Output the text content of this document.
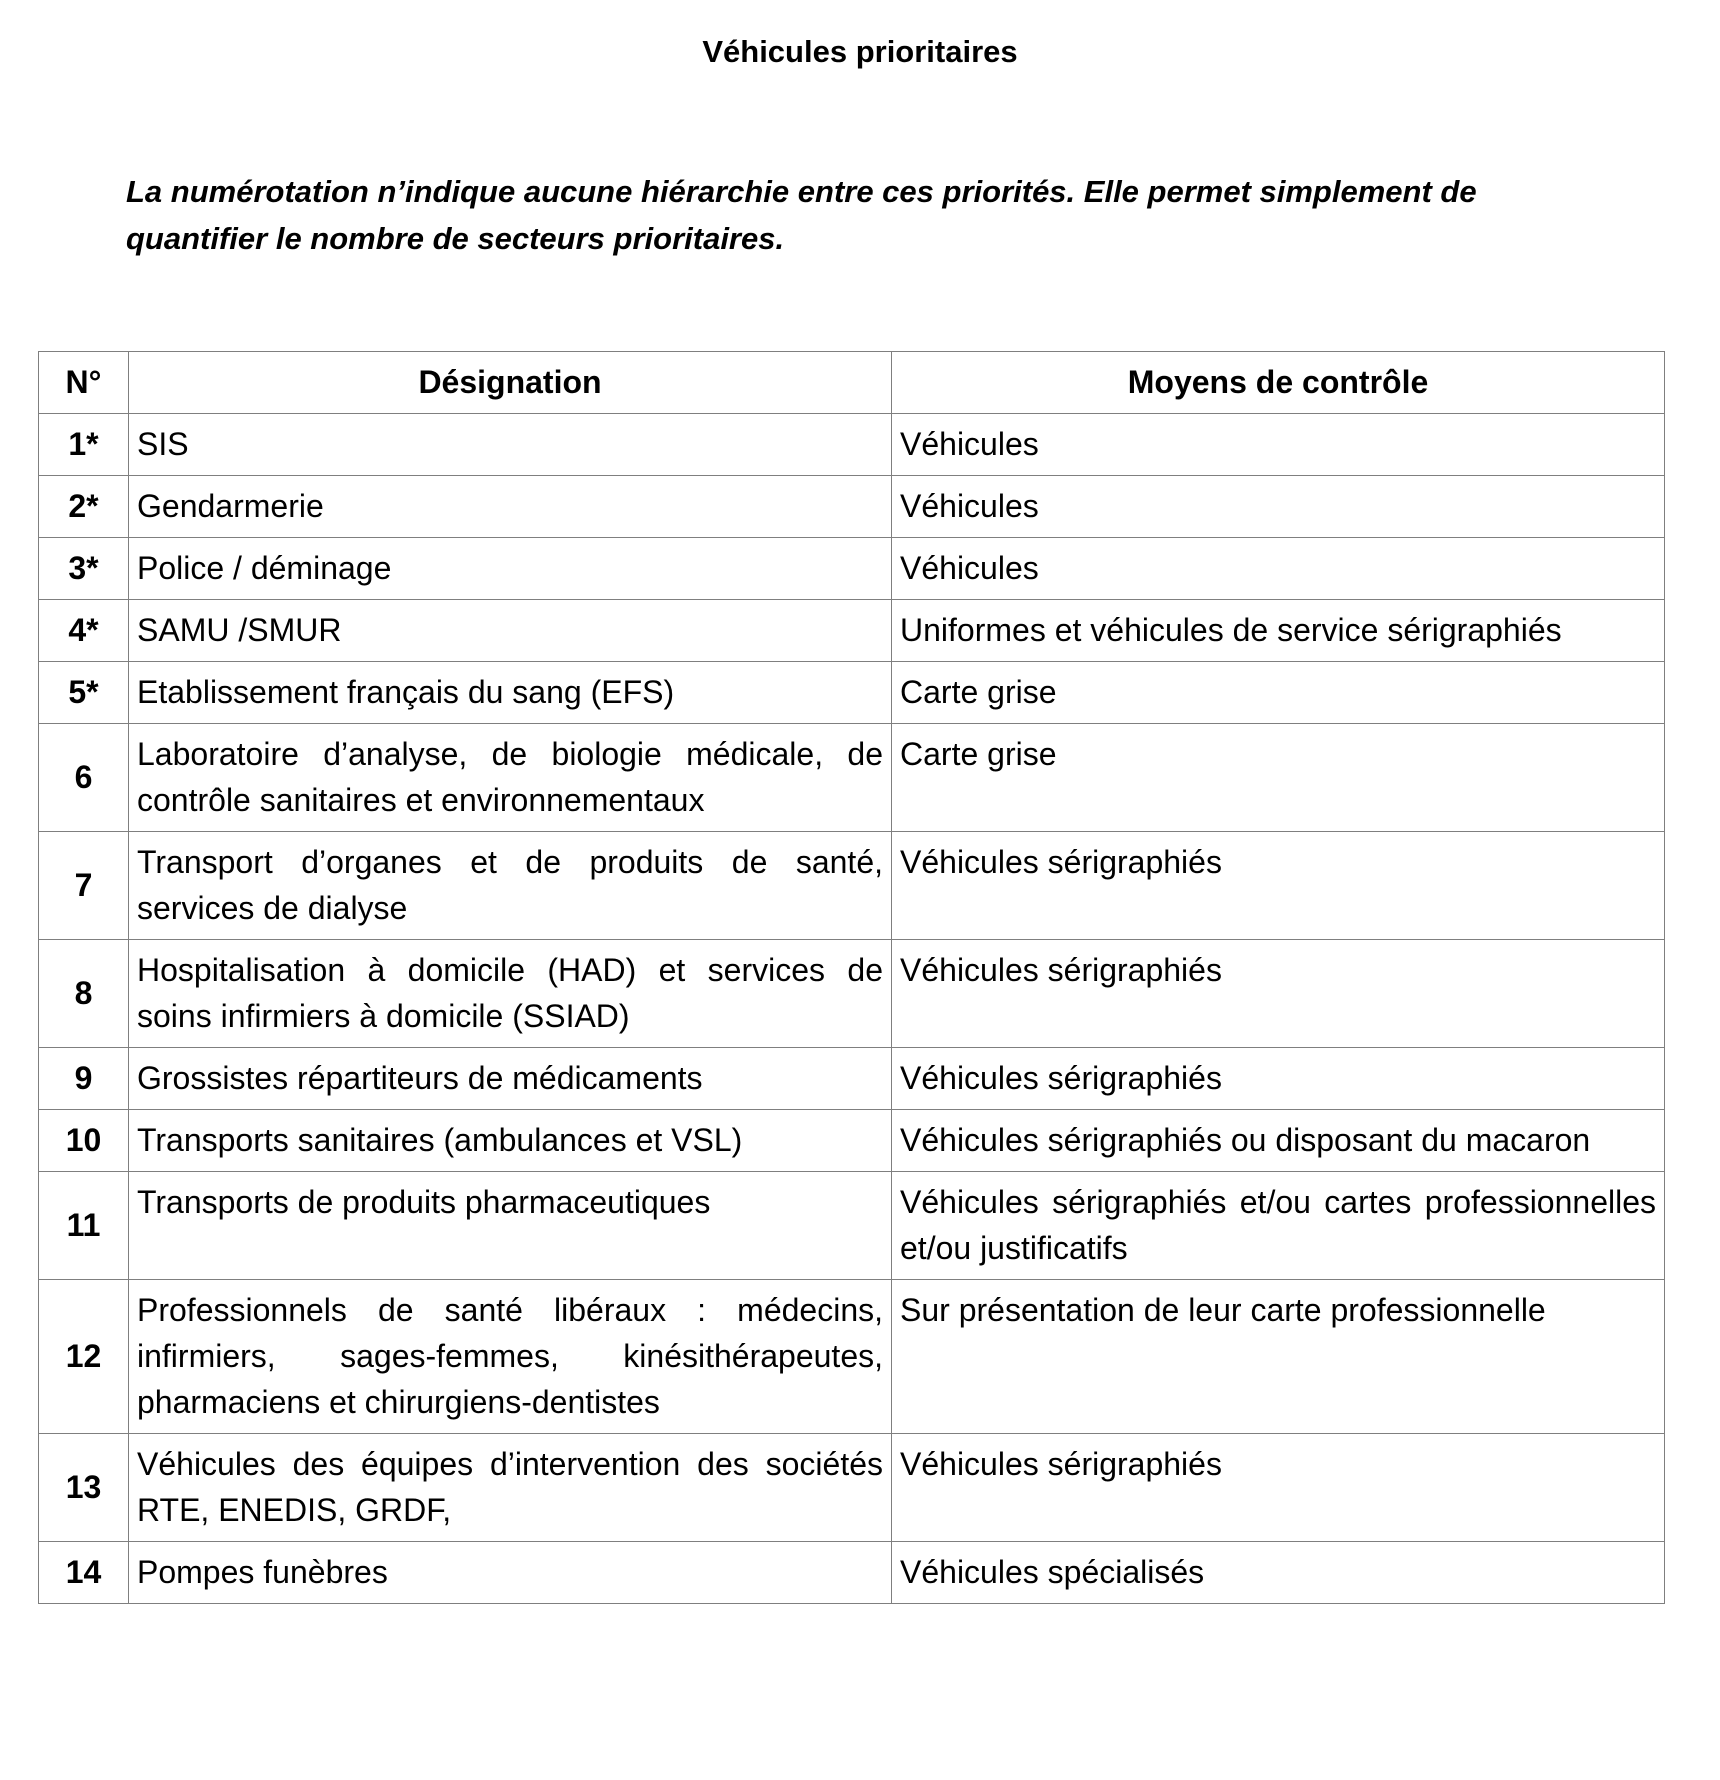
Véhicules prioritaires
La numérotation n’indique aucune hiérarchie entre ces priorités. Elle permet simplement de quantifier le nombre de secteurs prioritaires.
N°	Désignation	Moyens de contrôle
1*	SIS	Véhicules
2*	Gendarmerie	Véhicules
3*	Police / déminage	Véhicules
4*	SAMU /SMUR	Uniformes et véhicules de service sérigraphiés
5*	Etablissement français du sang (EFS)	Carte grise
6	Laboratoire d’analyse, de biologie médicale, de contrôle sanitaires et environnementaux	Carte grise
7	Transport d’organes et de produits de santé, services de dialyse	Véhicules sérigraphiés
8	Hospitalisation à domicile (HAD) et services de soins infirmiers à domicile (SSIAD)	Véhicules sérigraphiés
9	Grossistes répartiteurs de médicaments	Véhicules sérigraphiés
10	Transports sanitaires (ambulances et VSL)	Véhicules sérigraphiés ou disposant du macaron
11	Transports de produits pharmaceutiques	Véhicules sérigraphiés et/ou cartes professionnelles et/ou justificatifs
12	Professionnels de santé libéraux : médecins, infirmiers, sages-femmes, kinésithérapeutes, pharmaciens et chirurgiens-dentistes	Sur présentation de leur carte professionnelle
13	Véhicules des équipes d’intervention des sociétés RTE, ENEDIS, GRDF,	Véhicules sérigraphiés
14	Pompes funèbres	Véhicules spécialisés
